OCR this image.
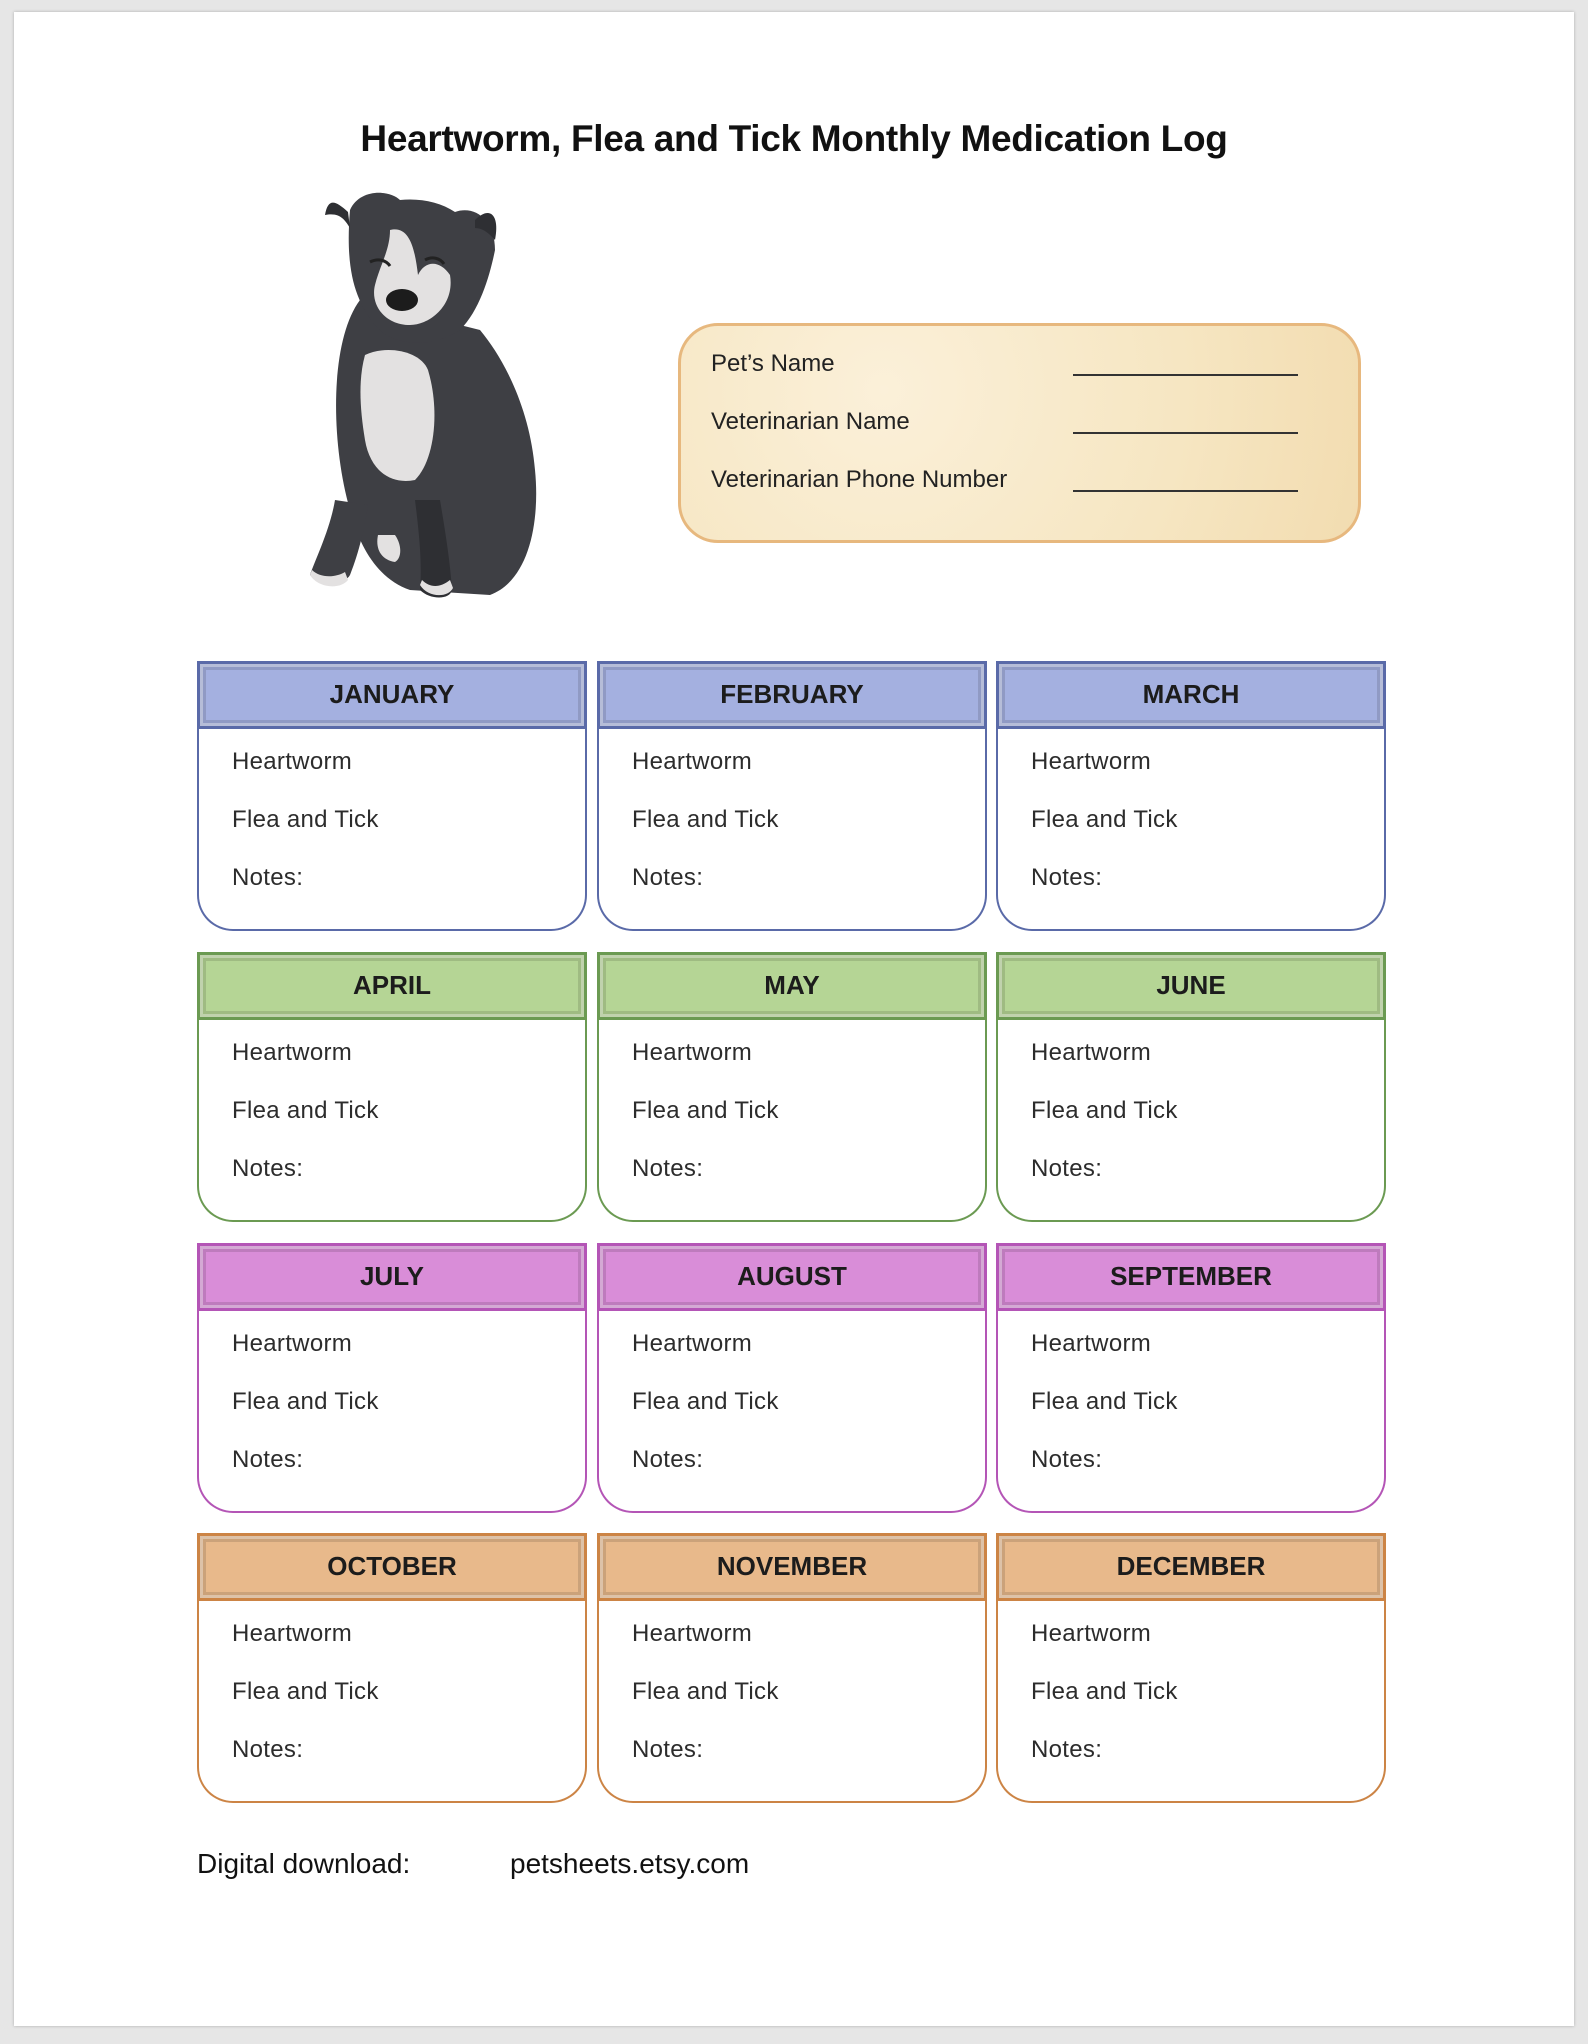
Heartworm, Flea and Tick Monthly Medication Log
Pet’s Name
Veterinarian Name
Veterinarian Phone Number
JANUARY
Heartworm
Flea and Tick
Notes:
FEBRUARY
Heartworm
Flea and Tick
Notes:
MARCH
Heartworm
Flea and Tick
Notes:
APRIL
Heartworm
Flea and Tick
Notes:
MAY
Heartworm
Flea and Tick
Notes:
JUNE
Heartworm
Flea and Tick
Notes:
JULY
Heartworm
Flea and Tick
Notes:
AUGUST
Heartworm
Flea and Tick
Notes:
SEPTEMBER
Heartworm
Flea and Tick
Notes:
OCTOBER
Heartworm
Flea and Tick
Notes:
NOVEMBER
Heartworm
Flea and Tick
Notes:
DECEMBER
Heartworm
Flea and Tick
Notes:
Digital download:	petsheets.etsy.com
